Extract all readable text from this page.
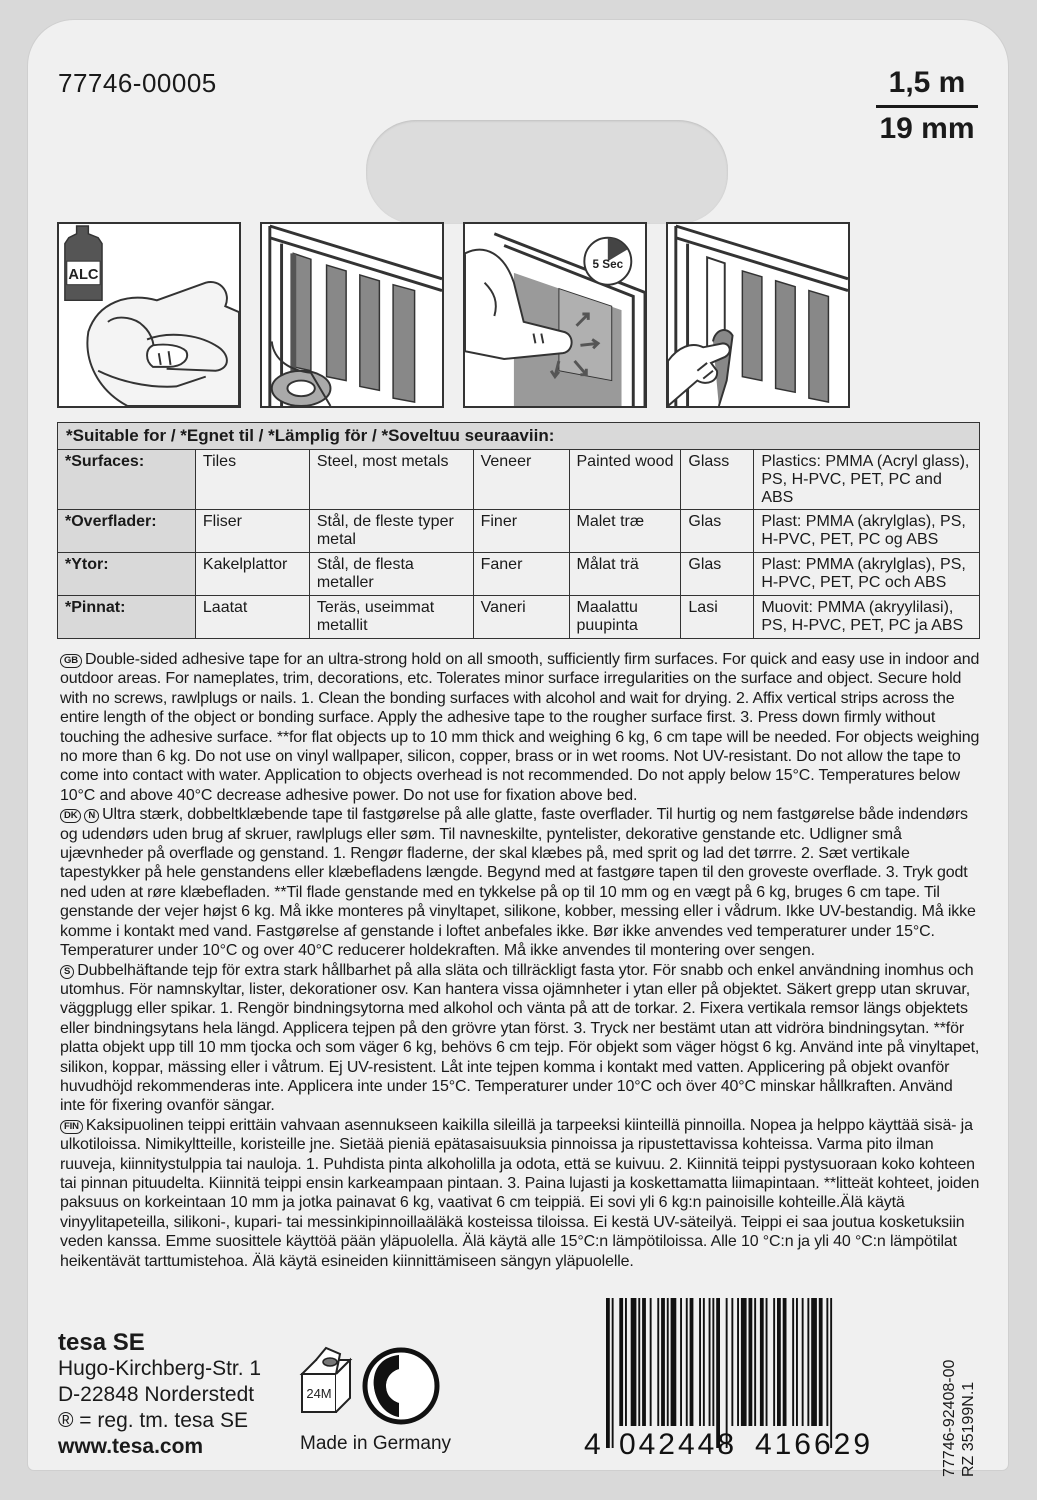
77746-00005	1,5 m
19 mm
ALC
5 Sec
*Suitable for / *Egnet til / *Lämplig för / *Soveltuu seuraaviin:						
*Surfaces:	Tiles	Steel, most metals	Veneer	Painted wood	Glass	Plastics: PMMA (Acryl glass), PS, H-PVC, PET, PC and ABS
*Overflader:	Fliser	Stål, de fleste typer metal	Finer	Malet træ	Glas	Plast: PMMA (akrylglas), PS, H-PVC, PET, PC og ABS
*Ytor:	Kakelplattor	Stål, de flesta metaller	Faner	Målat trä	Glas	Plast: PMMA (akrylglas), PS, H-PVC, PET, PC och ABS
*Pinnat:	Laatat	Teräs, useimmat metallit	Vaneri	Maalattu puupinta	Lasi	Muovit: PMMA (akryylilasi), PS, H-PVC, PET, PC ja ABS
GB Double-sided adhesive tape for an ultra-strong hold on all smooth, sufficiently firm surfaces. For quick and easy use in indoor and outdoor areas. For nameplates, trim, decorations, etc. Tolerates minor surface irregularities on the surface and object. Secure hold with no screws, rawlplugs or nails. 1. Clean the bonding surfaces with alcohol and wait for drying. 2. Affix vertical strips across the entire length of the object or bonding surface. Apply the adhesive tape to the rougher surface first. 3. Press down firmly without touching the adhesive surface. **for flat objects up to 10 mm thick and weighing 6 kg, 6 cm tape will be needed. For objects weighing no more than 6 kg. Do not use on vinyl wallpaper, silicon, copper, brass or in wet rooms. Not UV-resistant. Do not allow the tape to come into contact with water. Application to objects overhead is not recommended. Do not apply below 15°C. Temperatures below 10°C and above 40°C decrease adhesive power. Do not use for fixation above bed.
DK N Ultra stærk, dobbeltklæbende tape til fastgørelse på alle glatte, faste overflader. Til hurtig og nem fastgørelse både indendørs og udendørs uden brug af skruer, rawlplugs eller søm. Til navneskilte, pyntelister, dekorative genstande etc. Udligner små ujævnheder på overflade og genstand. 1. Rengør fladerne, der skal klæbes på, med sprit og lad det tørrre. 2. Sæt vertikale tapestykker på hele genstandens eller klæbefladens længde. Begynd med at fastgøre tapen til den groveste overflade. 3. Tryk godt ned uden at røre klæbefladen. **Til flade genstande med en tykkelse på op til 10 mm og en vægt på 6 kg, bruges 6 cm tape. Til genstande der vejer højst 6 kg. Må ikke monteres på vinyltapet, silikone, kobber, messing eller i vådrum. Ikke UV-bestandig. Må ikke komme i kontakt med vand. Fastgørelse af genstande i loftet anbefales ikke. Bør ikke anvendes ved temperaturer under 15°C. Temperaturer under 10°C og over 40°C reducerer holdekraften. Må ikke anvendes til montering over sengen.
S Dubbelhäftande tejp för extra stark hållbarhet på alla släta och tillräckligt fasta ytor. För snabb och enkel användning inomhus och utomhus. För namnskyltar, lister, dekorationer osv. Kan hantera vissa ojämnheter i ytan eller på objektet. Säkert grepp utan skruvar, väggplugg eller spikar. 1. Rengör bindningsytorna med alkohol och vänta på att de torkar. 2. Fixera vertikala remsor längs objektets eller bindningsytans hela längd. Applicera tejpen på den grövre ytan först. 3. Tryck ner bestämt utan att vidröra bindningsytan. **för platta objekt upp till 10 mm tjocka och som väger 6 kg, behövs 6 cm tejp. För objekt som väger högst 6 kg. Använd inte på vinyltapet, silikon, koppar, mässing eller i våtrum. Ej UV-resistent. Låt inte tejpen komma i kontakt med vatten. Applicering på objekt ovanför huvudhöjd rekommenderas inte. Applicera inte under 15°C. Temperaturer under 10°C och över 40°C minskar hållkraften. Använd inte för fixering ovanför sängar.
FIN Kaksipuolinen teippi erittäin vahvaan asennukseen kaikilla sileillä ja tarpeeksi kiinteillä pinnoilla. Nopea ja helppo käyttää sisä- ja ulkotiloissa. Nimikyltteille, koristeille jne. Sietää pieniä epätasaisuuksia pinnoissa ja ripustettavissa kohteissa. Varma pito ilman ruuveja, kiinnitystulppia tai nauloja. 1. Puhdista pinta alkoholilla ja odota, että se kuivuu. 2. Kiinnitä teippi pystysuoraan koko kohteen tai pinnan pituudelta. Kiinnitä teippi ensin karkeampaan pintaan. 3. Paina lujasti ja koskettamatta liimapintaan. **litteät kohteet, joiden paksuus on korkeintaan 10 mm ja jotka painavat 6 kg, vaativat 6 cm teippiä. Ei sovi yli 6 kg:n painoisille kohteille.Älä käytä vinyylitapeteilla, silikoni-, kupari- tai messinkipinnoillaäläkä kosteissa tiloissa. Ei kestä UV-säteilyä. Teippi ei saa joutua kosketuksiin veden kanssa. Emme suosittele käyttöä pään yläpuolella. Älä käytä alle 15°C:n lämpötiloissa. Alle 10 °C:n ja yli 40 °C:n lämpötilat heikentävät tarttumistehoa. Älä käytä esineiden kiinnittämiseen sängyn yläpuolelle.
tesa SE
Hugo-Kirchberg-Str. 1
D-22848 Norderstedt
® = reg. tm. tesa SE
www.tesa.com
24M
Made in Germany	4 042448 416629	77746-92408-00 RZ 35199N.1
